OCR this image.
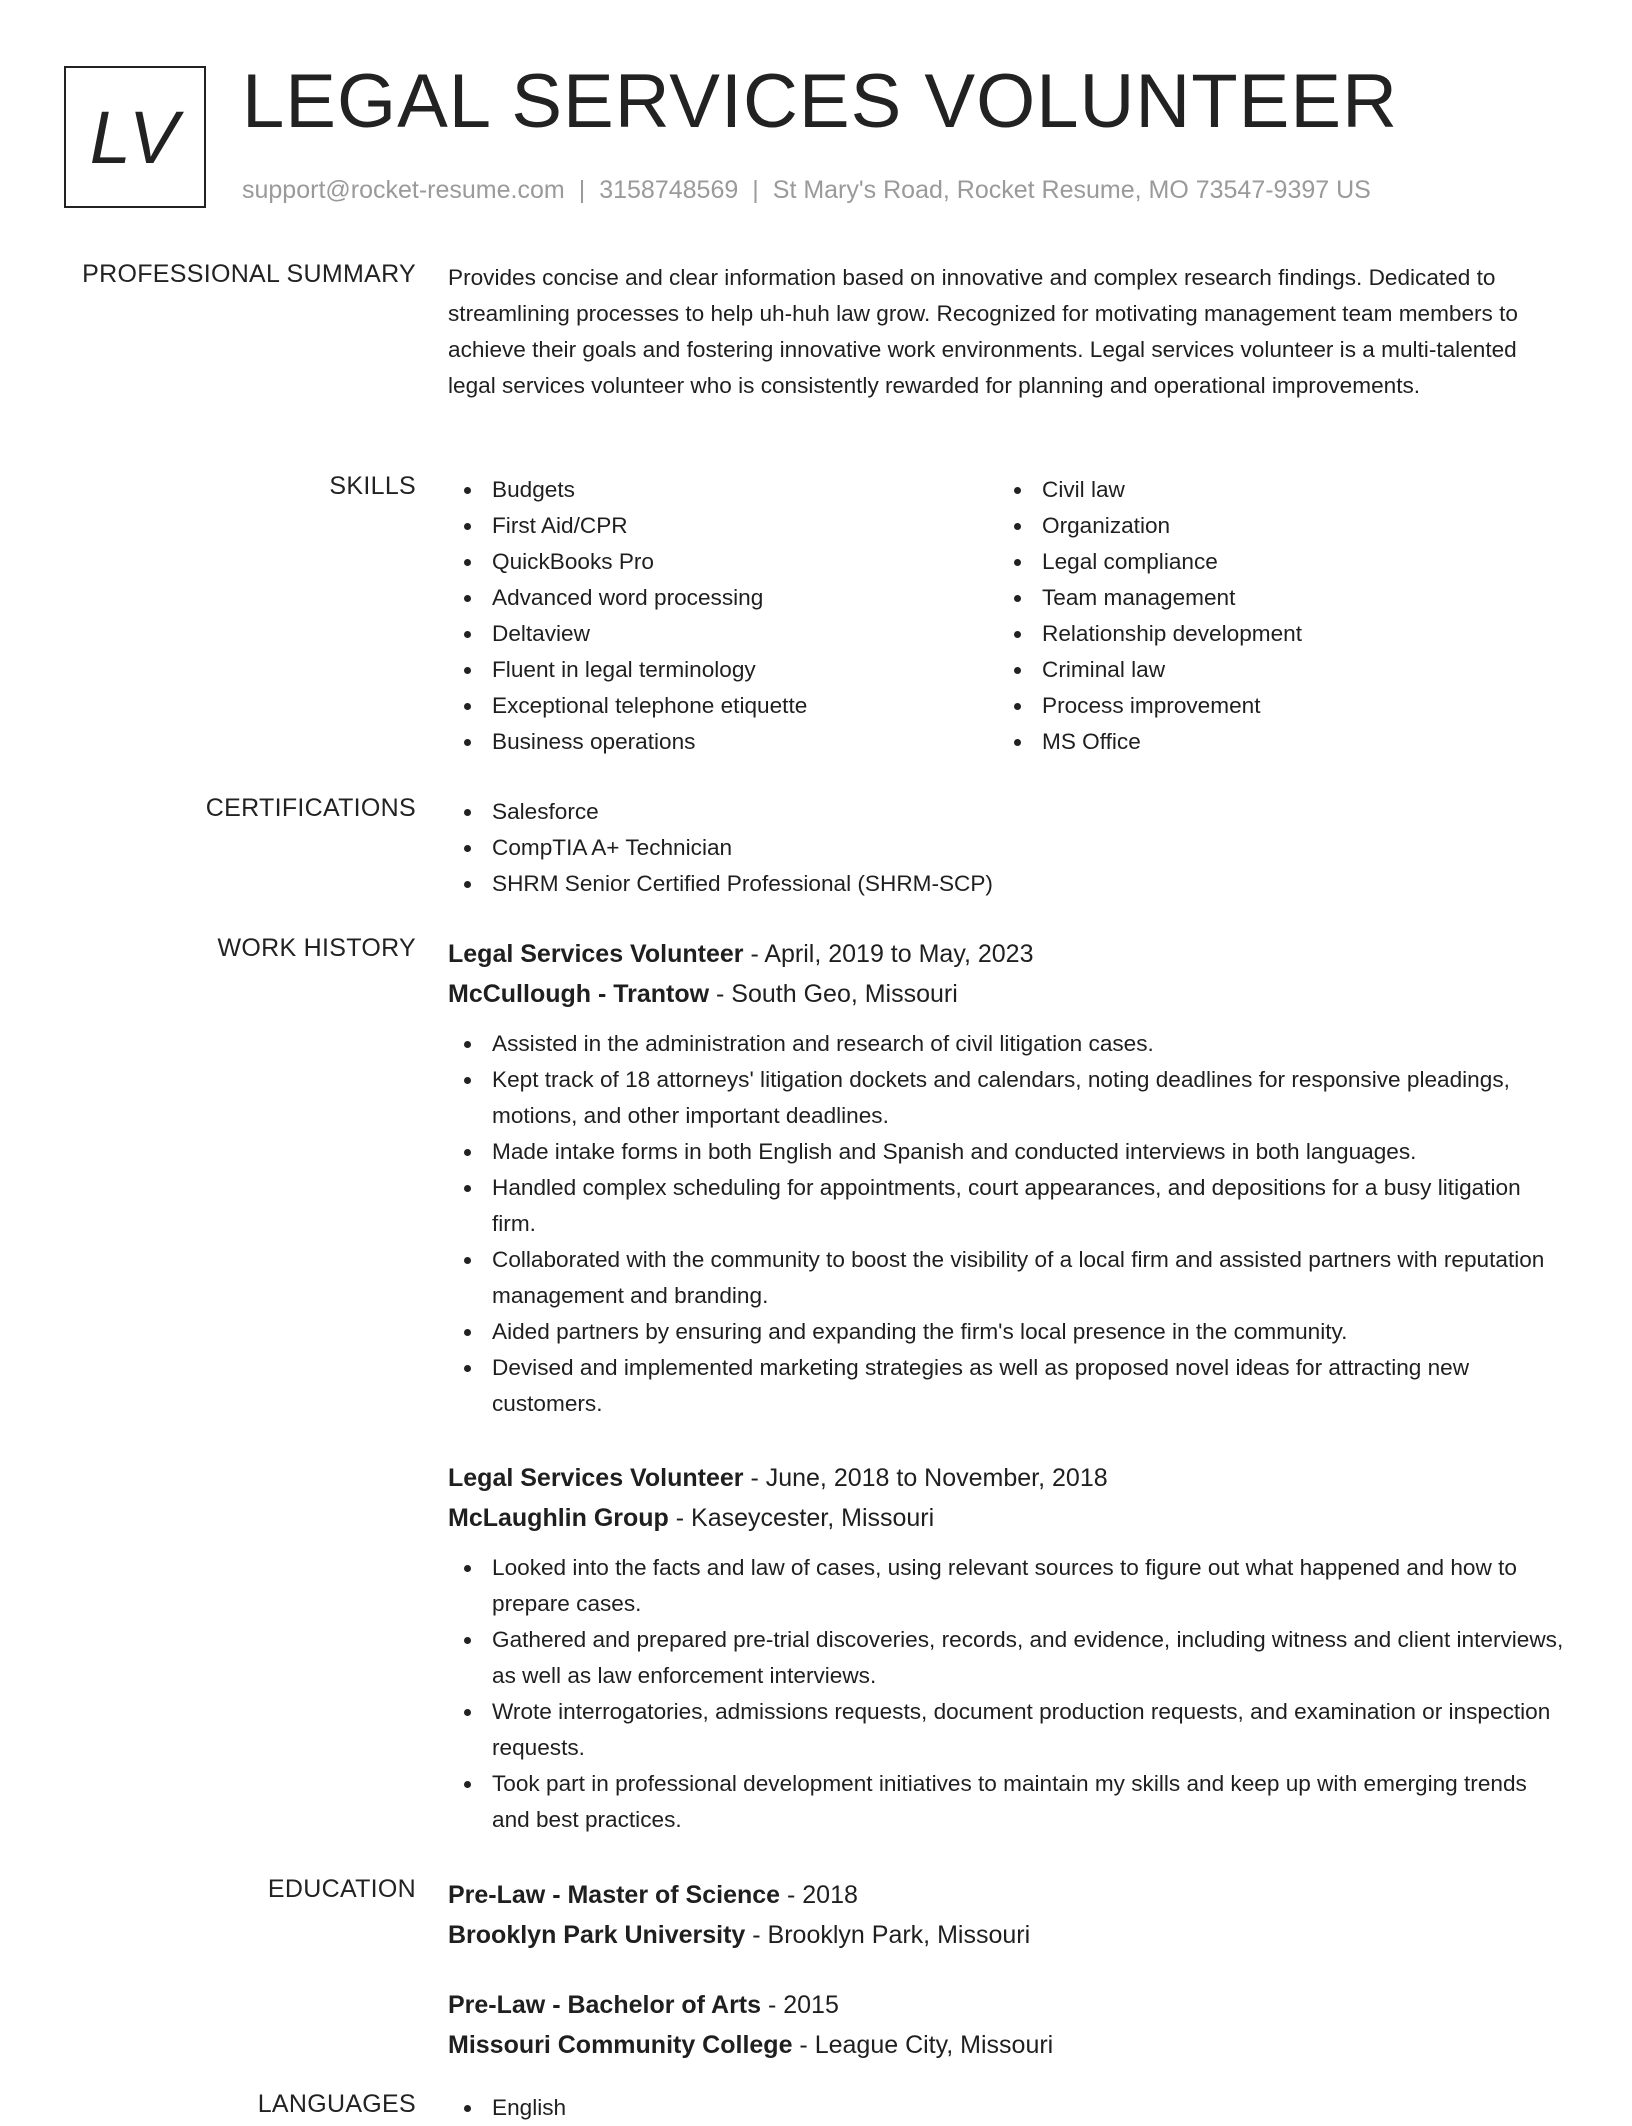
LV LEGAL SERVICES VOLUNTEER
support@rocket-resume.com | 3158748569 | St Mary's Road, Rocket Resume, MO 73547-9397 US
PROFESSIONAL SUMMARY Provides concise and clear information based on innovative and complex research findings. Dedicated to streamlining processes to help uh-huh law grow. Recognized for motivating management team members to achieve their goals and fostering innovative work environments. Legal services volunteer is a multi-talented legal services volunteer who is consistently rewarded for planning and operational improvements.

SKILLS	Budgets
First Aid/CPR
QuickBooks Pro
Advanced word processing
Deltaview
Fluent in legal terminology
Exceptional telephone etiquette
Business operations
Civil law
Organization
Legal compliance
Team management
Relationship development
Criminal law
Process improvement
MS Office
CERTIFICATIONS	Salesforce
CompTIA A+ Technician
SHRM Senior Certified Professional (SHRM-SCP)
WORK HISTORY Legal Services Volunteer - April, 2019 to May, 2023
McCullough - Trantow - South Geo, Missouri
Assisted in the administration and research of civil litigation cases.
Kept track of 18 attorneys' litigation dockets and calendars, noting deadlines for responsive pleadings, motions, and other important deadlines.
Made intake forms in both English and Spanish and conducted interviews in both languages.
Handled complex scheduling for appointments, court appearances, and depositions for a busy litigation firm.
Collaborated with the community to boost the visibility of a local firm and assisted partners with reputation management and branding.
Aided partners by ensuring and expanding the firm's local presence in the community.
Devised and implemented marketing strategies as well as proposed novel ideas for attracting new customers.
Legal Services Volunteer - June, 2018 to November, 2018
McLaughlin Group - Kaseycester, Missouri
Looked into the facts and law of cases, using relevant sources to figure out what happened and how to prepare cases.
Gathered and prepared pre-trial discoveries, records, and evidence, including witness and client interviews, as well as law enforcement interviews.
Wrote interrogatories, admissions requests, document production requests, and examination or inspection requests.
Took part in professional development initiatives to maintain my skills and keep up with emerging trends and best practices.
EDUCATION Pre-Law - Master of Science - 2018
Brooklyn Park University - Brooklyn Park, Missouri
Pre-Law - Bachelor of Arts - 2015
Missouri Community College - League City, Missouri
LANGUAGES	English
